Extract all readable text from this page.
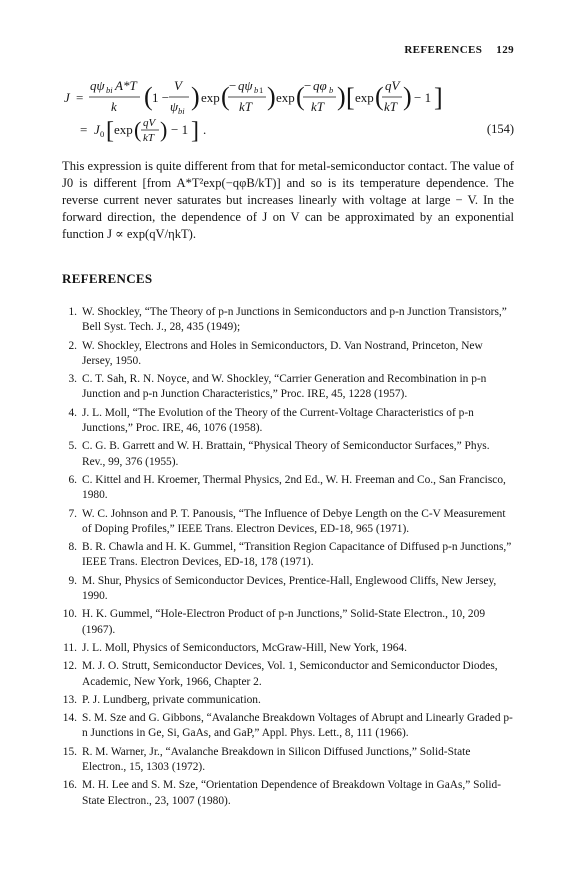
REFERENCES 129
J =
qψ bi A*T
k ( 1 −
V
ψ bi ) exp ( − qψ b 1
kT ) exp ( − qφ b
kT ) [ exp ( qV
kT ) − 1 ]
= J 0 [ exp ( qV
kT ) − 1 ] .	(154)

This expression is quite different from that for metal-semiconductor contact. The value of J0 is different [from A*T²exp(−qφB/kT)] and so is its temperature dependence. The reverse current never saturates but increases linearly with voltage at large − V. In the forward direction, the dependence of J on V can be approximated by an exponential function J ∝ exp(qV/ηkT).

REFERENCES
1. W. Shockley, “The Theory of p-n Junctions in Semiconductors and p-n Junction Transistors,” Bell Syst. Tech. J., 28, 435 (1949);
2. W. Shockley, Electrons and Holes in Semiconductors, D. Van Nostrand, Princeton, New Jersey, 1950.
3. C. T. Sah, R. N. Noyce, and W. Shockley, “Carrier Generation and Recombination in p-n Junction and p-n Junction Characteristics,” Proc. IRE, 45, 1228 (1957).
4. J. L. Moll, “The Evolution of the Theory of the Current-Voltage Characteristics of p-n Junctions,” Proc. IRE, 46, 1076 (1958).
5. C. G. B. Garrett and W. H. Brattain, “Physical Theory of Semiconductor Surfaces,” Phys. Rev., 99, 376 (1955).
6. C. Kittel and H. Kroemer, Thermal Physics, 2nd Ed., W. H. Freeman and Co., San Francisco, 1980.
7. W. C. Johnson and P. T. Panousis, “The Influence of Debye Length on the C-V Measurement of Doping Profiles,” IEEE Trans. Electron Devices, ED-18, 965 (1971).
8. B. R. Chawla and H. K. Gummel, “Transition Region Capacitance of Diffused p-n Junctions,” IEEE Trans. Electron Devices, ED-18, 178 (1971).
9. M. Shur, Physics of Semiconductor Devices, Prentice-Hall, Englewood Cliffs, New Jersey, 1990.
10. H. K. Gummel, “Hole-Electron Product of p-n Junctions,” Solid-State Electron., 10, 209 (1967).
11. J. L. Moll, Physics of Semiconductors, McGraw-Hill, New York, 1964.
12. M. J. O. Strutt, Semiconductor Devices, Vol. 1, Semiconductor and Semiconductor Diodes, Academic, New York, 1966, Chapter 2.
13. P. J. Lundberg, private communication.
14. S. M. Sze and G. Gibbons, “Avalanche Breakdown Voltages of Abrupt and Linearly Graded p-n Junctions in Ge, Si, GaAs, and GaP,” Appl. Phys. Lett., 8, 111 (1966).
15. R. M. Warner, Jr., “Avalanche Breakdown in Silicon Diffused Junctions,” Solid-State Electron., 15, 1303 (1972).
16. M. H. Lee and S. M. Sze, “Orientation Dependence of Breakdown Voltage in GaAs,” Solid-State Electron., 23, 1007 (1980).
